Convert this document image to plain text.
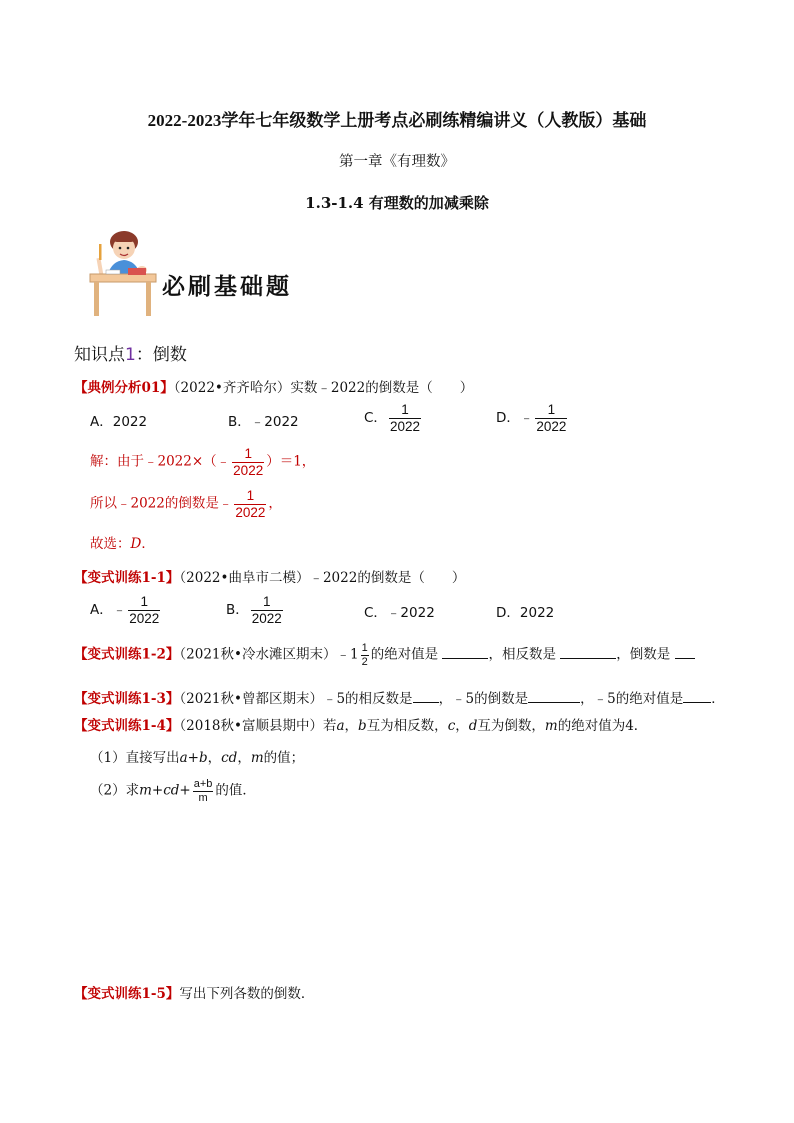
2022-2023学年七年级数学上册考点必刷练精编讲义（人教版）基础
第一章《有理数》
1.3-1.4 有理数的加减乘除
必刷基础题
知识点1：倒数
【典例分析01】（2022•齐齐哈尔）实数﹣2022的倒数是（　　）
A．2022	B．﹣2022	C． $\frac{1}{2022}$	D．﹣ $\frac{1}{2022}$
解：由于﹣2022×（﹣ $\frac{1}{2022} )=1$，
所以﹣2022的倒数是﹣ $\frac{1}{2022}$ ，
故选：D．
【变式训练1-1】（2022•曲阜市二模）﹣2022的倒数是（　　）
A．﹣ $\frac{1}{2022}$	B． $\frac{1}{2022}$	C．﹣2022	D．2022
【变式训练1-2】（2021秋•冷水滩区期末）﹣1 $\frac{1}{2}$ 的绝对值是	，相反数是	，倒数是
【变式训练1-3】（2021秋•曾都区期末）﹣5的相反数是 ，﹣5的倒数是	，﹣5的绝对值是 ．
【变式训练1-4】（2018秋•富顺县期中）若a，b互为相反数，c，d互为倒数，m的绝对值为4．
（1）直接写出a+b，cd，m的值；
（2）求$m+cd+ \frac{a+b}{m}$ 的值．
【变式训练1-5】写出下列各数的倒数．
